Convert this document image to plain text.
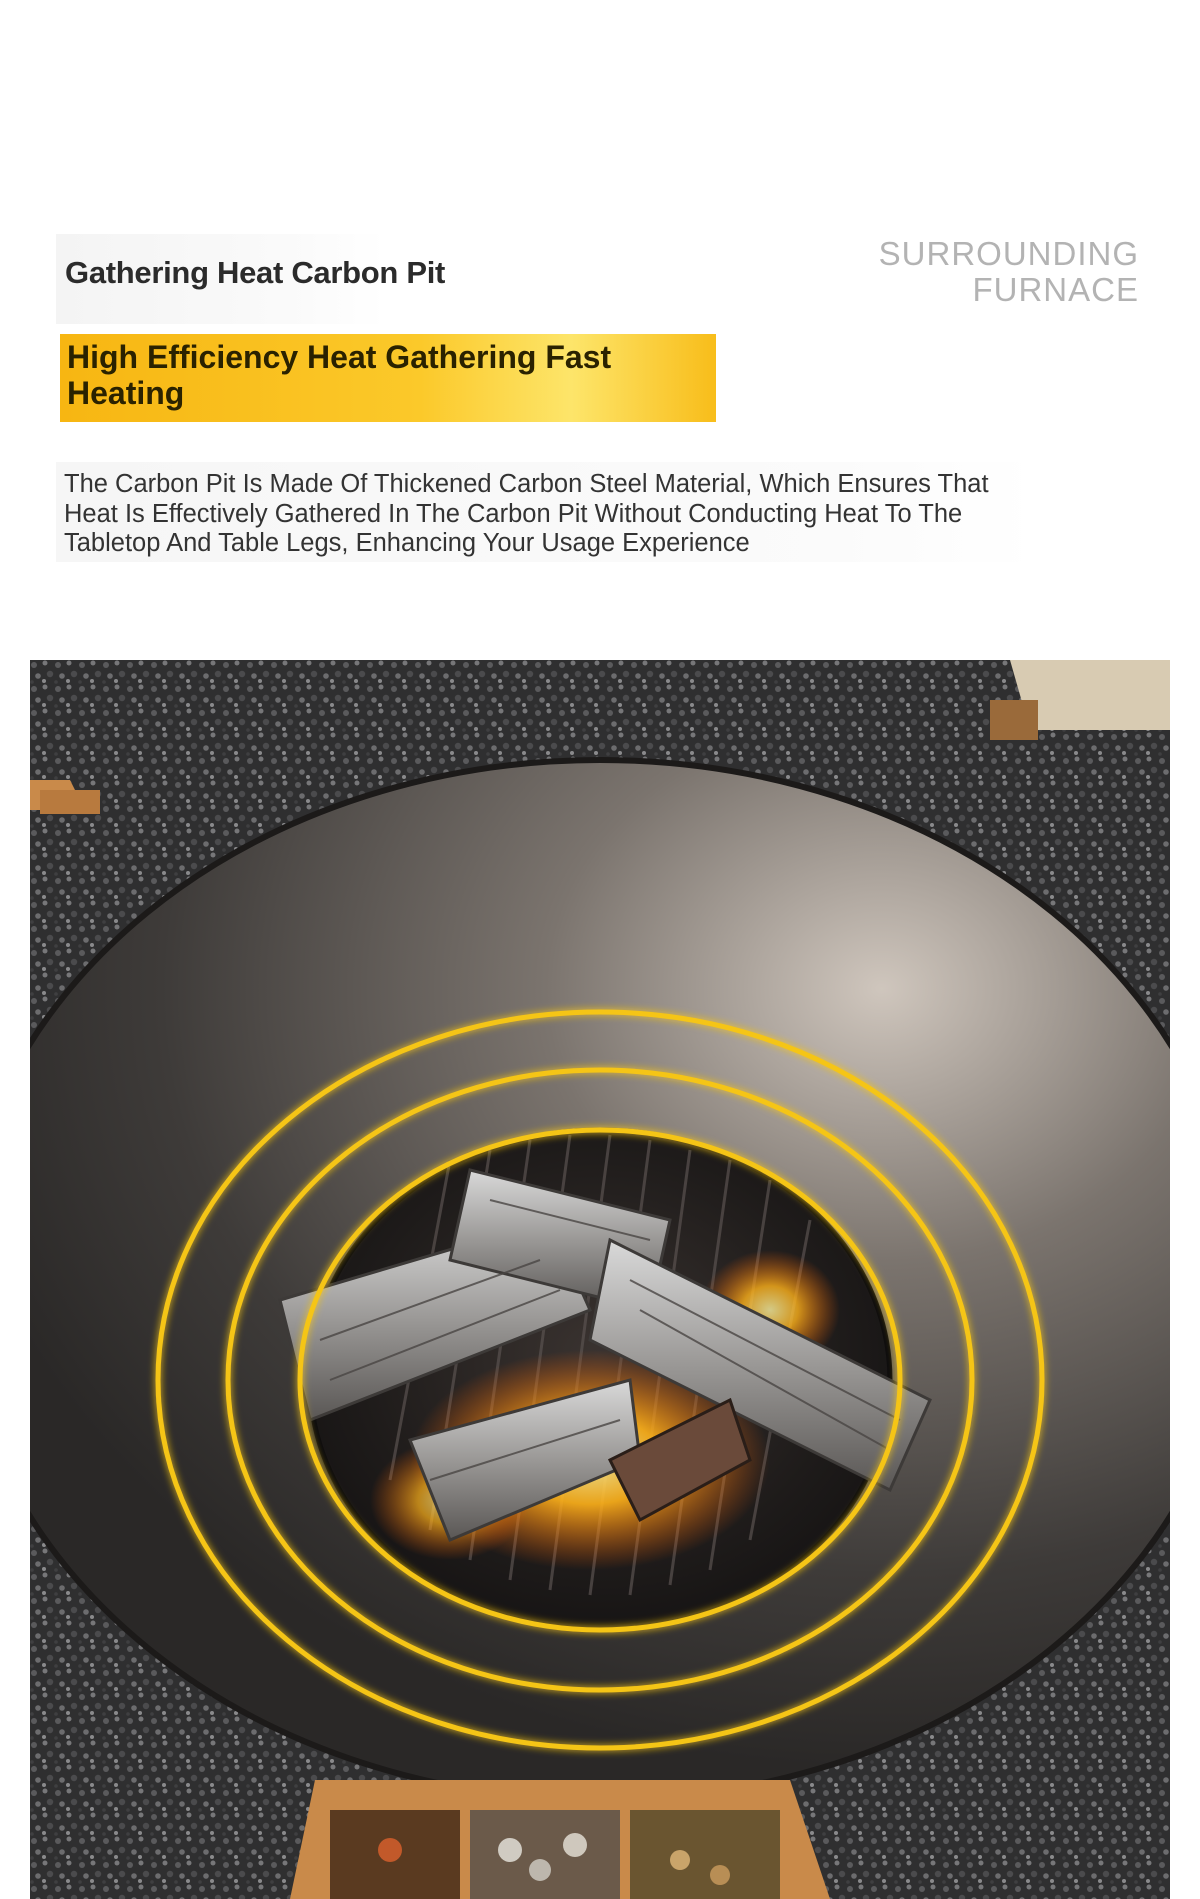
Gathering Heat Carbon Pit
SURROUNDING
FURNACE
High Efficiency Heat Gathering Fast Heating
The Carbon Pit Is Made Of Thickened Carbon Steel Material, Which Ensures That Heat Is Effectively Gathered In The Carbon Pit Without Conducting Heat To The Tabletop And Table Legs, Enhancing Your Usage Experience
